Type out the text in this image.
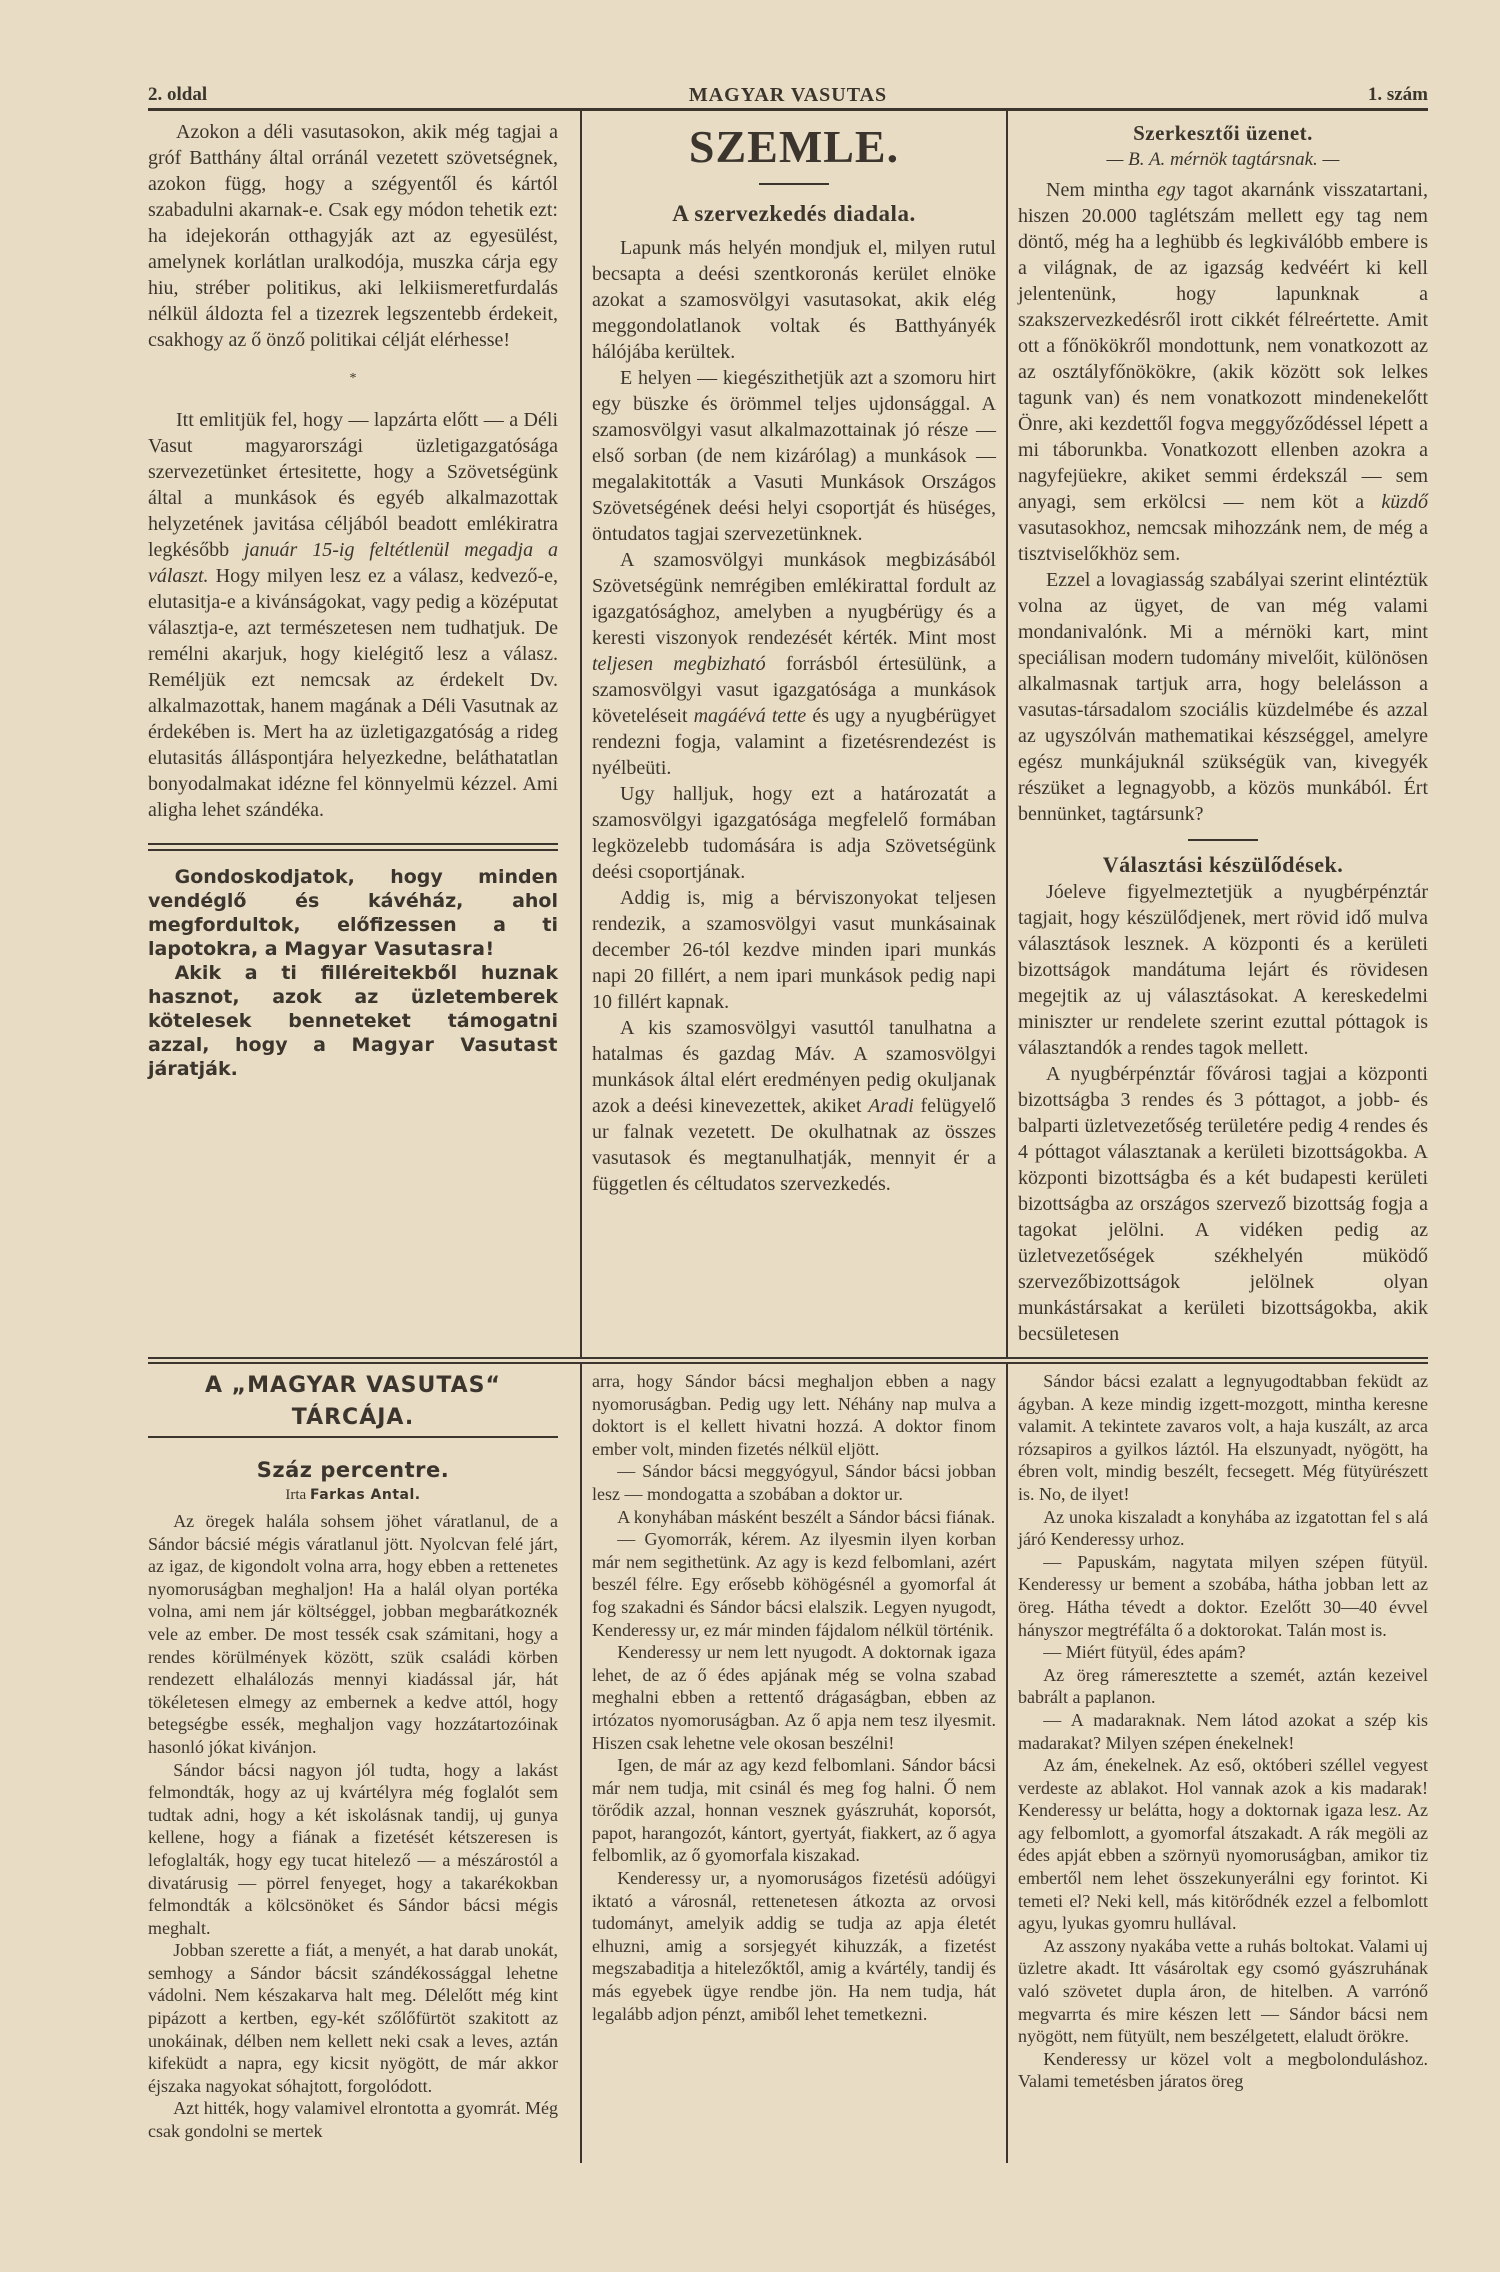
2. oldal	MAGYAR VASUTAS	1. szám

Azokon a déli vasutasokon, akik még tagjai a gróf Batthány által orránál vezetett szövetségnek, azokon függ, hogy a szégyentől és kártól szabadulni akarnak-e. Csak egy módon tehetik ezt: ha idejekorán otthagyják azt az egyesülést, amelynek korlátlan uralkodója, muszka cárja egy hiu, stréber politikus, aki lelkiismeretfurdalás nélkül áldozta fel a tizezrek legszentebb érdekeit, csakhogy az ő önző politikai célját elérhesse!

*

Itt emlitjük fel, hogy — lapzárta előtt — a Déli Vasut magyarországi üzletigazgatósága szervezetünket értesitette, hogy a Szövetségünk által a munkások és egyéb alkalmazottak helyzetének javitása céljából beadott emlékiratra legkésőbb január 15-ig feltétlenül megadja a választ. Hogy milyen lesz ez a válasz, kedvező-e, elutasitja-e a kivánságokat, vagy pedig a középutat választja-e, azt természetesen nem tudhatjuk. De remélni akarjuk, hogy kielégitő lesz a válasz. Reméljük ezt nemcsak az érdekelt Dv. alkalmazottak, hanem magának a Déli Vasutnak az érdekében is. Mert ha az üzletigazgatóság a rideg elutasitás álláspontjára helyezkedne, beláthatatlan bonyodalmakat idézne fel könnyelmü kézzel. Ami aligha lehet szándéka.

Gondoskodjatok, hogy minden vendéglő és kávéház, ahol megfordultok, előfizessen a ti lapotokra, a Magyar Vasutasra!

Akik a ti filléreitekből huznak hasznot, azok az üzletemberek kötelesek benneteket támogatni azzal, hogy a Magyar Vasutast járatják.

SZEMLE.
A szervezkedés diadala.

Lapunk más helyén mondjuk el, milyen rutul becsapta a deési szentkoronás kerület elnöke azokat a szamosvölgyi vasutasokat, akik elég meggondolatlanok voltak és Batthyányék hálójába kerültek.

E helyen — kiegészithetjük azt a szomoru hirt egy büszke és örömmel teljes ujdonsággal. A szamosvölgyi vasut alkalmazottainak jó része — első sorban (de nem kizárólag) a munkások — megalakitották a Vasuti Munkások Országos Szövetségének deési helyi csoportját és hüséges, öntudatos tagjai szervezetünknek.

A szamosvölgyi munkások megbizásából Szövetségünk nemrégiben emlékirattal fordult az igazgatósághoz, amelyben a nyugbérügy és a keresti viszonyok rendezését kérték. Mint most teljesen megbizható forrásból értesülünk, a szamosvölgyi vasut igazgatósága a munkások követeléseit magáévá tette és ugy a nyugbérügyet rendezni fogja, valamint a fizetésrendezést is nyélbeüti.

Ugy halljuk, hogy ezt a határozatát a szamosvölgyi igazgatósága megfelelő formában legközelebb tudomására is adja Szövetségünk deési csoportjának.

Addig is, mig a bérviszonyokat teljesen rendezik, a szamosvölgyi vasut munkásainak december 26-tól kezdve minden ipari munkás napi 20 fillért, a nem ipari munkások pedig napi 10 fillért kapnak.

A kis szamosvölgyi vasuttól tanulhatna a hatalmas és gazdag Máv. A szamosvölgyi munkások által elért eredményen pedig okuljanak azok a deési kinevezettek, akiket Aradi felügyelő ur falnak vezetett. De okulhatnak az összes vasutasok és megtanulhatják, mennyit ér a független és céltudatos szervezkedés.

Szerkesztői üzenet.
— B. A. mérnök tagtársnak. —

Nem mintha egy tagot akarnánk visszatartani, hiszen 20.000 taglétszám mellett egy tag nem döntő, még ha a leghübb és legkiválóbb embere is a világnak, de az igazság kedvéért ki kell jelentenünk, hogy lapunknak a szakszervezkedésről irott cikkét félreértette. Amit ott a főnökökről mondottunk, nem vonatkozott az az osztályfőnökökre, (akik között sok lelkes tagunk van) és nem vonatkozott mindenekelőtt Önre, aki kezdettől fogva meggyőződéssel lépett a mi táborunkba. Vonatkozott ellenben azokra a nagyfejüekre, akiket semmi érdekszál — sem anyagi, sem erkölcsi — nem köt a küzdő vasutasokhoz, nemcsak mihozzánk nem, de még a tisztviselőkhöz sem.

Ezzel a lovagiasság szabályai szerint elintéztük volna az ügyet, de van még valami mondanivalónk. Mi a mérnöki kart, mint speciálisan modern tudomány mivelőit, különösen alkalmasnak tartjuk arra, hogy belelásson a vasutas-társadalom szociális küzdelmébe és azzal az ugyszólván mathematikai készséggel, amelyre egész munkájuknál szükségük van, kivegyék részüket a legnagyobb, a közös munkából. Ért bennünket, tagtársunk?

Választási készülődések.

Jóeleve figyelmeztetjük a nyugbérpénztár tagjait, hogy készülődjenek, mert rövid idő mulva választások lesznek. A központi és a kerületi bizottságok mandátuma lejárt és rövidesen megejtik az uj választásokat. A kereskedelmi miniszter ur rendelete szerint ezuttal póttagok is választandók a rendes tagok mellett.

A nyugbérpénztár fővárosi tagjai a központi bizottságba 3 rendes és 3 póttagot, a jobb- és balparti üzletvezetőség területére pedig 4 rendes és 4 póttagot választanak a kerületi bizottságokba. A központi bizottságba és a két budapesti kerületi bizottságba az országos szervező bizottság fogja a tagokat jelölni. A vidéken pedig az üzletvezetőségek székhelyén müködő szervezőbizottságok jelölnek olyan munkástársakat a kerületi bizottságokba, akik becsületesen

A „MAGYAR VASUTAS“ TÁRCÁJA.
Száz percentre.
Irta Farkas Antal.

Az öregek halála sohsem jöhet váratlanul, de a Sándor bácsié mégis váratlanul jött. Nyolcvan felé járt, az igaz, de kigondolt volna arra, hogy ebben a rettenetes nyomoruságban meghaljon! Ha a halál olyan portéka volna, ami nem jár költséggel, jobban megbarátkoznék vele az ember. De most tessék csak számitani, hogy a rendes körülmények között, szük családi körben rendezett elhalálozás mennyi kiadással jár, hát tökéletesen elmegy az embernek a kedve attól, hogy betegségbe essék, meghaljon vagy hozzátartozóinak hasonló jókat kivánjon.

Sándor bácsi nagyon jól tudta, hogy a lakást felmondták, hogy az uj kvártélyra még foglalót sem tudtak adni, hogy a két iskolásnak tandij, uj gunya kellene, hogy a fiának a fizetését kétszeresen is lefoglalták, hogy egy tucat hitelező — a mészárostól a divatárusig — pörrel fenyeget, hogy a takarékokban felmondták a kölcsönöket és Sándor bácsi mégis meghalt.

Jobban szerette a fiát, a menyét, a hat darab unokát, semhogy a Sándor bácsit szándékossággal lehetne vádolni. Nem készakarva halt meg. Délelőtt még kint pipázott a kertben, egy-két szőlőfürtöt szakitott az unokáinak, délben nem kellett neki csak a leves, aztán kifeküdt a napra, egy kicsit nyögött, de már akkor éjszaka nagyokat sóhajtott, forgolódott.

Azt hitték, hogy valamivel elrontotta a gyomrát. Még csak gondolni se mertek

arra, hogy Sándor bácsi meghaljon ebben a nagy nyomoruságban. Pedig ugy lett. Néhány nap mulva a doktort is el kellett hivatni hozzá. A doktor finom ember volt, minden fizetés nélkül eljött.

— Sándor bácsi meggyógyul, Sándor bácsi jobban lesz — mondogatta a szobában a doktor ur.

A konyhában másként beszélt a Sándor bácsi fiának.

— Gyomorrák, kérem. Az ilyesmin ilyen korban már nem segithetünk. Az agy is kezd felbomlani, azért beszél félre. Egy erősebb köhögésnél a gyomorfal át fog szakadni és Sándor bácsi elalszik. Legyen nyugodt, Kenderessy ur, ez már minden fájdalom nélkül történik.

Kenderessy ur nem lett nyugodt. A doktornak igaza lehet, de az ő édes apjának még se volna szabad meghalni ebben a rettentő drágaságban, ebben az irtózatos nyomoruságban. Az ő apja nem tesz ilyesmit. Hiszen csak lehetne vele okosan beszélni!

Igen, de már az agy kezd felbomlani. Sándor bácsi már nem tudja, mit csinál és meg fog halni. Ő nem törődik azzal, honnan vesznek gyászruhát, koporsót, papot, harangozót, kántort, gyertyát, fiakkert, az ő agya felbomlik, az ő gyomorfala kiszakad.

Kenderessy ur, a nyomoruságos fizetésü adóügyi iktató a városnál, rettenetesen átkozta az orvosi tudományt, amelyik addig se tudja az apja életét elhuzni, amig a sorsjegyét kihuzzák, a fizetést megszabaditja a hitelezőktől, amig a kvártély, tandij és más egyebek ügye rendbe jön. Ha nem tudja, hát legalább adjon pénzt, amiből lehet temetkezni.

Sándor bácsi ezalatt a legnyugodtabban feküdt az ágyban. A keze mindig izgett-mozgott, mintha keresne valamit. A tekintete zavaros volt, a haja kuszált, az arca rózsapiros a gyilkos láztól. Ha elszunyadt, nyögött, ha ébren volt, mindig beszélt, fecsegett. Még fütyürészett is. No, de ilyet!

Az unoka kiszaladt a konyhába az izgatottan fel s alá járó Kenderessy urhoz.

— Papuskám, nagytata milyen szépen fütyül. Kenderessy ur bement a szobába, hátha jobban lett az öreg. Hátha tévedt a doktor. Ezelőtt 30—40 évvel hányszor megtréfálta ő a doktorokat. Talán most is.

— Miért fütyül, édes apám?

Az öreg rámeresztette a szemét, aztán kezeivel babrált a paplanon.

— A madaraknak. Nem látod azokat a szép kis madarakat? Milyen szépen énekelnek!

Az ám, énekelnek. Az eső, októberi széllel vegyest verdeste az ablakot. Hol vannak azok a kis madarak! Kenderessy ur belátta, hogy a doktornak igaza lesz. Az agy felbomlott, a gyomorfal átszakadt. A rák megöli az édes apját ebben a szörnyü nyomoruságban, amikor tiz embertől nem lehet összekunyerálni egy forintot. Ki temeti el? Neki kell, más kitörődnék ezzel a felbomlott agyu, lyukas gyomru hullával.

Az asszony nyakába vette a ruhás boltokat. Valami uj üzletre akadt. Itt vásároltak egy csomó gyászruhának való szövetet dupla áron, de hitelben. A varrónő megvarrta és mire készen lett — Sándor bácsi nem nyögött, nem fütyült, nem beszélgetett, elaludt örökre.

Kenderessy ur közel volt a megbolonduláshoz. Valami temetésben járatos öreg
